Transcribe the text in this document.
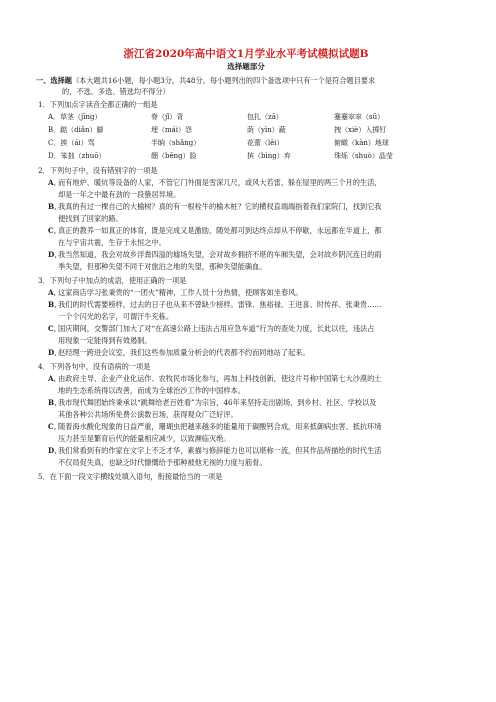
浙江省2020年高中语文1月学业水平考试模拟试题B

选择题部分

一、选择题（本大题共16小题，每小题3分，共48分。每小题列出的四个备选项中只有一个是符合题目要求
的，不选、多选、错选均不得分）

1．下列加点字读音全都正确的一组是

A．草茎（jīng）	脊（jǐ）背	包扎（zā）	蹇蹇窣窣（sū）
B．踮（diǎn）脚	埋（mái）怨	荫（yìn）蔽	拽（xiè）入掷钉
C．挨（ái）骂	半晌（shǎng）	花蕾（lěi）	俯瞰（kàn）地球
D．笨拙（zhuō）	绷（běng）脸	摈（bìng）弃	珠烁（shuò）晶莹

2．下列句子中，没有错别字的一项是

A．而有地炉、暖炕等设备的人家，不管它门外面是雪深几尺，或风大若雷，躲在屋里的两三个月的生活，
却是一年之中最有劲的一段蛰居异境。
B．我真的有过一棵自己的大榆树？真的有一根栓牛的榆木桩？它的横杈直端端指着我们家院门，找到它我
便找到了回家的路。
C．真正的教养一如真正的体育，既是完成又是激励，随处都可到达终点却从不停歇，永远都在半道上，都
在与宇宙共震，生存于永恒之中。
D．我当然知道，我会对故乡浮粪四溢的墟场失望，会对故乡拥挤不堪的车厢失望，会对故乡阴沉连日的雨
季失望，但那种失望不同于对旅泊之地的失望，那种失望能确血。

3．下列句子中加点的成语，使用正确的一项是

A．这家商店学习张秉贵的“一团火”精神，工作人员十分热情，使顾客如坐春风。
B．我们的时代需要榜样，过去的日子也从来不曾缺少榜样。雷锋、焦裕禄、王进喜、时传祥、张秉贵……
一个个闪光的名字，可谓汗牛充栋。
C．国庆期间，交警部门加大了对“在高速公路上违法占用应急车道”行为的查处力度，长此以往，违法占
用现象一定能得到有效遏制。
D．赵经理一跨进会议室，我们这些参加质量分析会的代表都不约而同地站了起来。

4．下列各句中，没有语病的一项是

A．由政府主导、企业产业化运作、农牧民市场化参与，再加上科技创新，使这片号称中国第七大沙漠的土
地的生态系统得以改善，而成为全球治沙工作的中国样本。
B．我市现代舞团始终秉承以“跳舞给老百姓看”为宗旨，46年来坚持走出剧场，到乡村、社区、学校以及
其他各种公共场所免费公演数百场，获得观众广泛好评。
C．随着海水酸化现象的日益严重，珊瑚虫把越来越多的能量用于碳酸钙合成，用来抵御病虫害、抵抗环境
压力甚至是繁育后代的能量相应减少，以致濒临灭绝。
D．我们常看到有的作家在文字上不乏才华，素描与修辞能力也可以堪称一流，但其作品所描绘的时代生活
不仅局促失真，也缺乏时代慷慨给予那种被他无视的力度与筋骨。

5．在下面一段文字横线处填入语句，衔接最恰当的一项是
